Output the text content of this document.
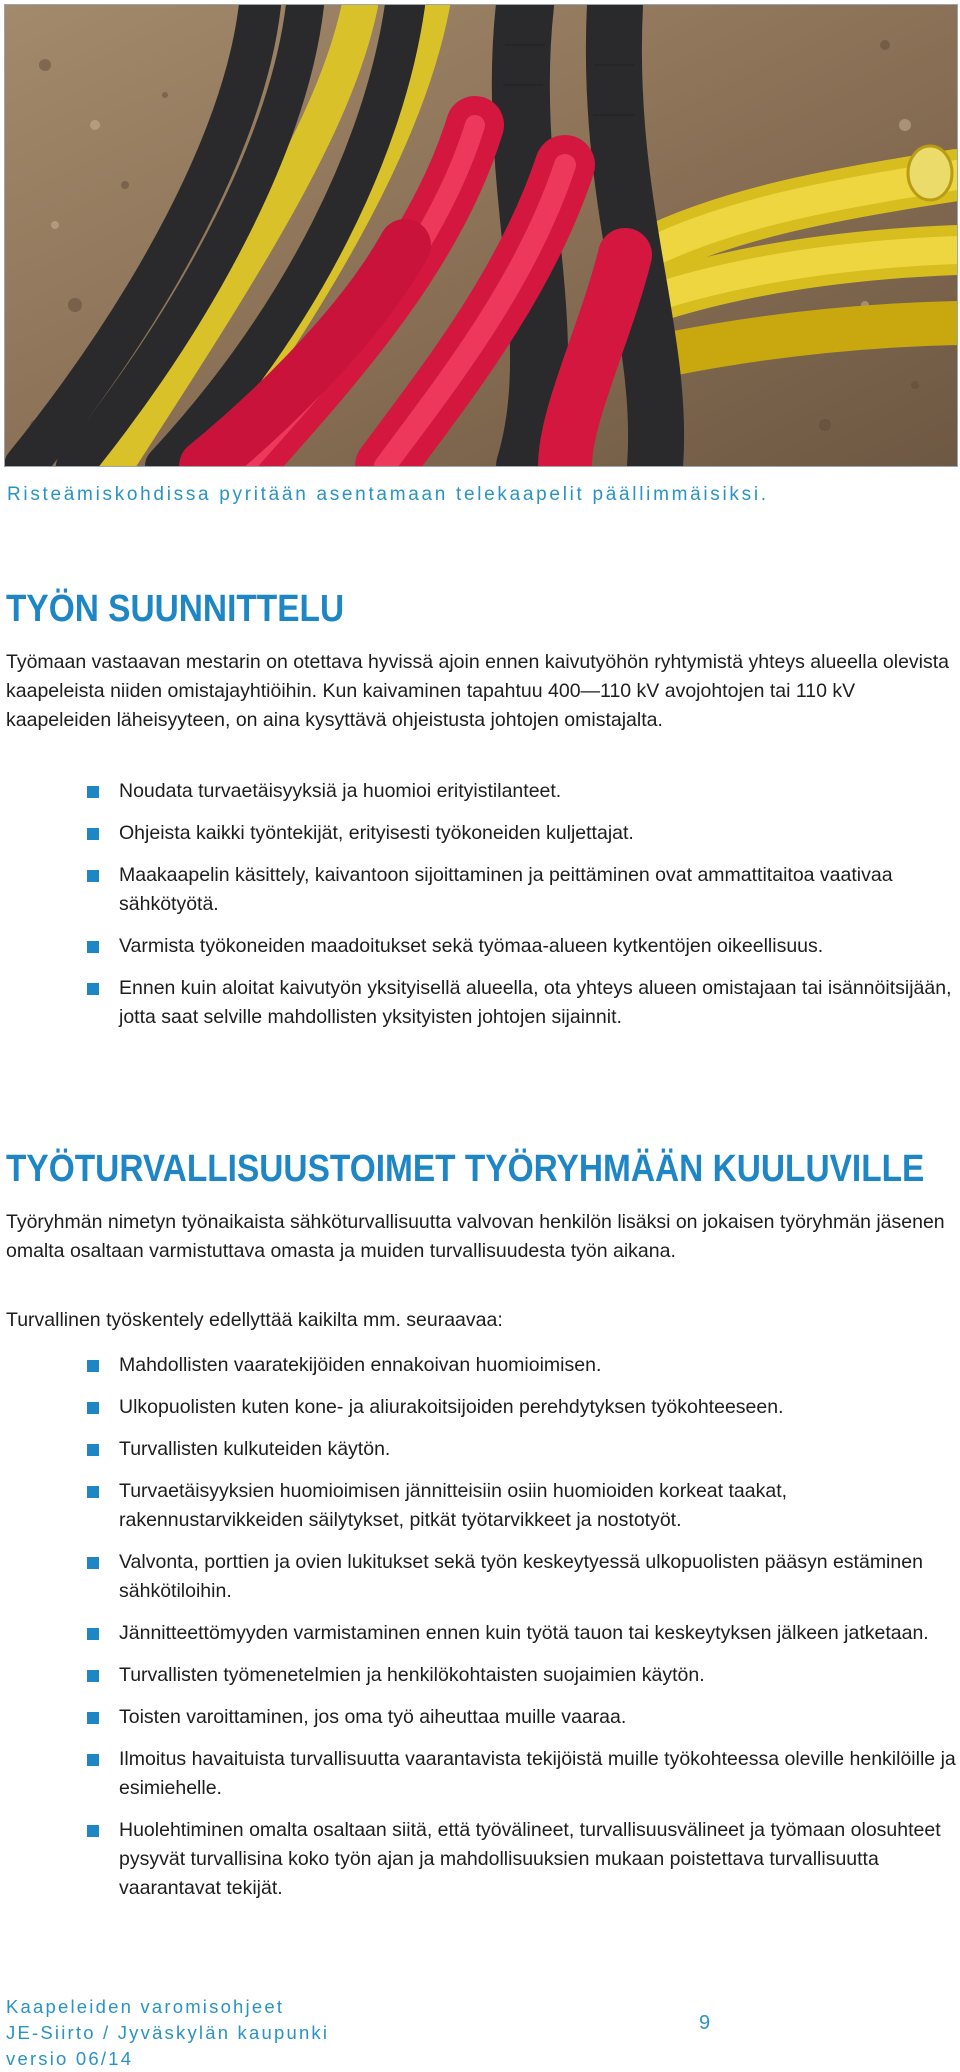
Risteämiskohdissa pyritään asentamaan telekaapelit päällimmäisiksi.
TYÖN SUUNNITTELU

Työmaan vastaavan mestarin on otettava hyvissä ajoin ennen kaivutyöhön ryhtymistä yhteys alueella olevista kaapeleista niiden omistajayhtiöihin. Kun kaivaminen tapahtuu 400—110 kV avojohtojen tai 110 kV kaapeleiden läheisyyteen, on aina kysyttävä ohjeistusta johtojen omistajalta.

Noudata turvaetäisyyksiä ja huomioi erityistilanteet.
Ohjeista kaikki työntekijät, erityisesti työkoneiden kuljettajat.
Maakaapelin käsittely, kaivantoon sijoittaminen ja peittäminen ovat ammattitaitoa vaativaa sähkötyötä.
Varmista työkoneiden maadoitukset sekä työmaa-alueen kytkentöjen oikeellisuus.
Ennen kuin aloitat kaivutyön yksityisellä alueella, ota yhteys alueen omistajaan tai isännöitsijään, jotta saat selville mahdollisten yksityisten johtojen sijainnit.
TYÖTURVALLISUUSTOIMET TYÖRYHMÄÄN KUULUVILLE

Työryhmän nimetyn työnaikaista sähköturvallisuutta valvovan henkilön lisäksi on jokaisen työryhmän jäsenen omalta osaltaan varmistuttava omasta ja muiden turvallisuudesta työn aikana.

Turvallinen työskentely edellyttää kaikilta mm. seuraavaa:

Mahdollisten vaaratekijöiden ennakoivan huomioimisen.
Ulkopuolisten kuten kone- ja aliurakoitsijoiden perehdytyksen työkohteeseen.
Turvallisten kulkuteiden käytön.
Turvaetäisyyksien huomioimisen jännitteisiin osiin huomioiden korkeat taakat, rakennustarvikkeiden säilytykset, pitkät työtarvikkeet ja nostotyöt.
Valvonta, porttien ja ovien lukitukset sekä työn keskeytyessä ulkopuolisten pääsyn estäminen sähkötiloihin.
Jännitteettömyyden varmistaminen ennen kuin työtä tauon tai keskeytyksen jälkeen jatketaan.
Turvallisten työmenetelmien ja henkilökohtaisten suojaimien käytön.
Toisten varoittaminen, jos oma työ aiheuttaa muille vaaraa.
Ilmoitus havaituista turvallisuutta vaarantavista tekijöistä muille työkohteessa oleville henkilöille ja esimiehelle.
Huolehtiminen omalta osaltaan siitä, että työvälineet, turvallisuusvälineet ja työmaan olosuhteet pysyvät turvallisina koko työn ajan ja mahdollisuuksien mukaan poistettava turvallisuutta vaarantavat tekijät.
Kaapeleiden varomisohjeet
JE-Siirto / Jyväskylän kaupunki
versio 06/14
9
